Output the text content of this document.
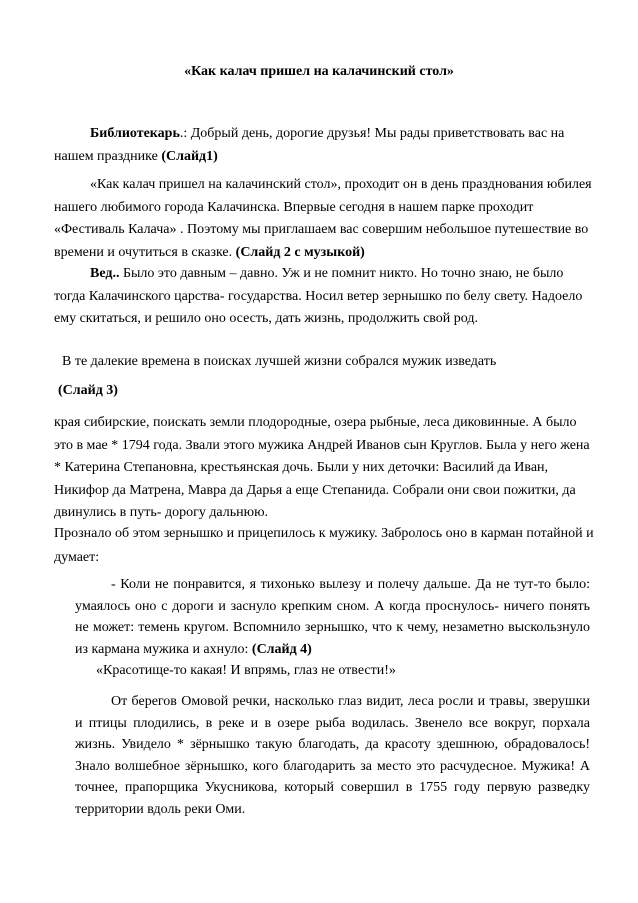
«Как калач пришел на калачинский стол»

Библиотекарь.: Добрый день, дорогие друзья! Мы рады приветствовать вас на нашем празднике (Слайд1)

«Как калач пришел на калачинский стол», проходит он в день празднования юбилея нашего любимого города Калачинска. Впервые сегодня в нашем парке проходит «Фестиваль Калача» . Поэтому мы приглашаем вас совершим небольшое путешествие во времени и очутиться в сказке. (Слайд 2 с музыкой)

Вед.. Было это давным – давно. Уж и не помнит никто. Но точно знаю, не было тогда Калачинского царства- государства. Носил ветер зернышко по белу свету. Надоело ему скитаться, и решило оно осесть, дать жизнь, продолжить свой род.

В те далекие времена в поисках лучшей жизни собрался мужик изведать

(Слайд 3)

края сибирские, поискать земли плодородные, озера рыбные, леса диковинные. А было это в мае * 1794 года. Звали этого мужика Андрей Иванов сын Круглов. Была у него жена * Катерина Степановна, крестьянская дочь. Были у них деточки: Василий да Иван, Никифор да Матрена, Мавра да Дарья а еще Степанида. Собрали они свои пожитки, да двинулись в путь- дорогу дальнюю.

Прознало об этом зернышко и прицепилось к мужику. Забролось оно в карман потайной и думает:

- Коли не понравится, я тихонько вылезу и полечу дальше. Да не тут-то было: умаялось оно с дороги и заснуло крепким сном. А когда проснулось- ничего понять не может: темень кругом. Вспомнило зернышко, что к чему, незаметно выскользнуло из кармана мужика и ахнуло: (Слайд 4)

«Красотище-то какая! И впрямь, глаз не отвести!»

От берегов Омовой речки, насколько глаз видит, леса росли и травы, зверушки и птицы плодились, в реке и в озере рыба водилась. Звенело все вокруг, порхала жизнь. Увидело * зёрнышко такую благодать, да красоту здешнюю, обрадовалось! Знало волшебное зёрнышко, кого благодарить за место это расчудесное. Мужика! А точнее, прапорщика Укусникова, который совершил в 1755 году первую разведку территории вдоль реки Оми.
